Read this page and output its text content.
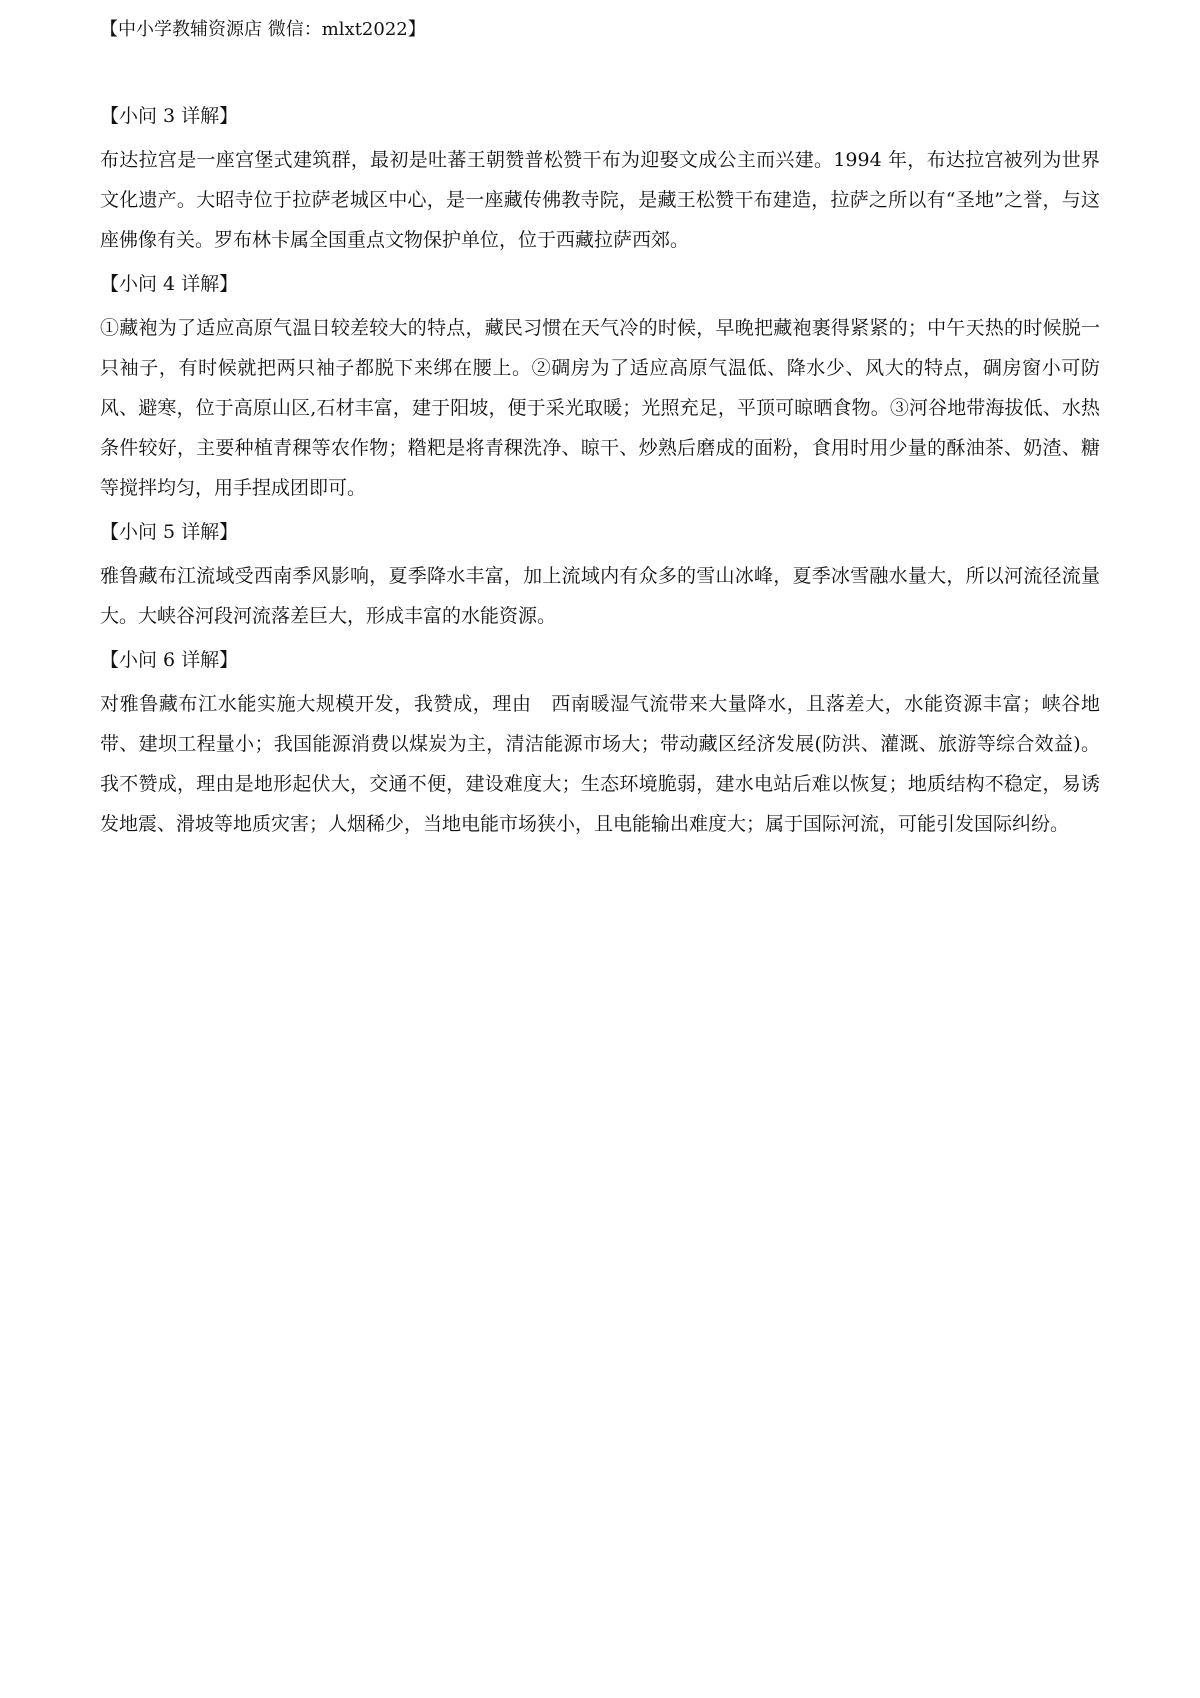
【中小学教辅资源店 微信：mlxt2022】
【小问 3 详解】
布达拉宫是一座宫堡式建筑群，最初是吐蕃王朝赞普松赞干布为迎娶文成公主而兴建。1994 年，布达拉宫被列为世界文化遗产。大昭寺位于拉萨老城区中心，是一座藏传佛教寺院，是藏王松赞干布建造，拉萨之所以有“圣地”之誉，与这座佛像有关。罗布林卡属全国重点文物保护单位，位于西藏拉萨西郊。
【小问 4 详解】
①藏袍为了适应高原气温日较差较大的特点，藏民习惯在天气冷的时候，早晚把藏袍裹得紧紧的；中午天热的时候脱一只袖子，有时候就把两只袖子都脱下来绑在腰上。②碉房为了适应高原气温低、降水少、风大的特点，碉房窗小可防风、避寒，位于高原山区,石材丰富，建于阳坡，便于采光取暖；光照充足，平顶可晾晒食物。③河谷地带海拔低、水热条件较好，主要种植青稞等农作物；糌粑是将青稞洗净、晾干、炒熟后磨成的面粉，食用时用少量的酥油茶、奶渣、糖等搅拌均匀，用手捏成团即可。
【小问 5 详解】
雅鲁藏布江流域受西南季风影响，夏季降水丰富，加上流域内有众多的雪山冰峰，夏季冰雪融水量大，所以河流径流量大。大峡谷河段河流落差巨大，形成丰富的水能资源。
【小问 6 详解】
对雅鲁藏布江水能实施大规模开发，我赞成，理由　西南暖湿气流带来大量降水，且落差大，水能资源丰富；峡谷地带、建坝工程量小；我国能源消费以煤炭为主，清洁能源市场大；带动藏区经济发展(防洪、灌溉、旅游等综合效益)。我不赞成，理由是地形起伏大，交通不便，建设难度大；生态环境脆弱，建水电站后难以恢复；地质结构不稳定，易诱发地震、滑坡等地质灾害；人烟稀少，当地电能市场狭小，且电能输出难度大；属于国际河流，可能引发国际纠纷。
